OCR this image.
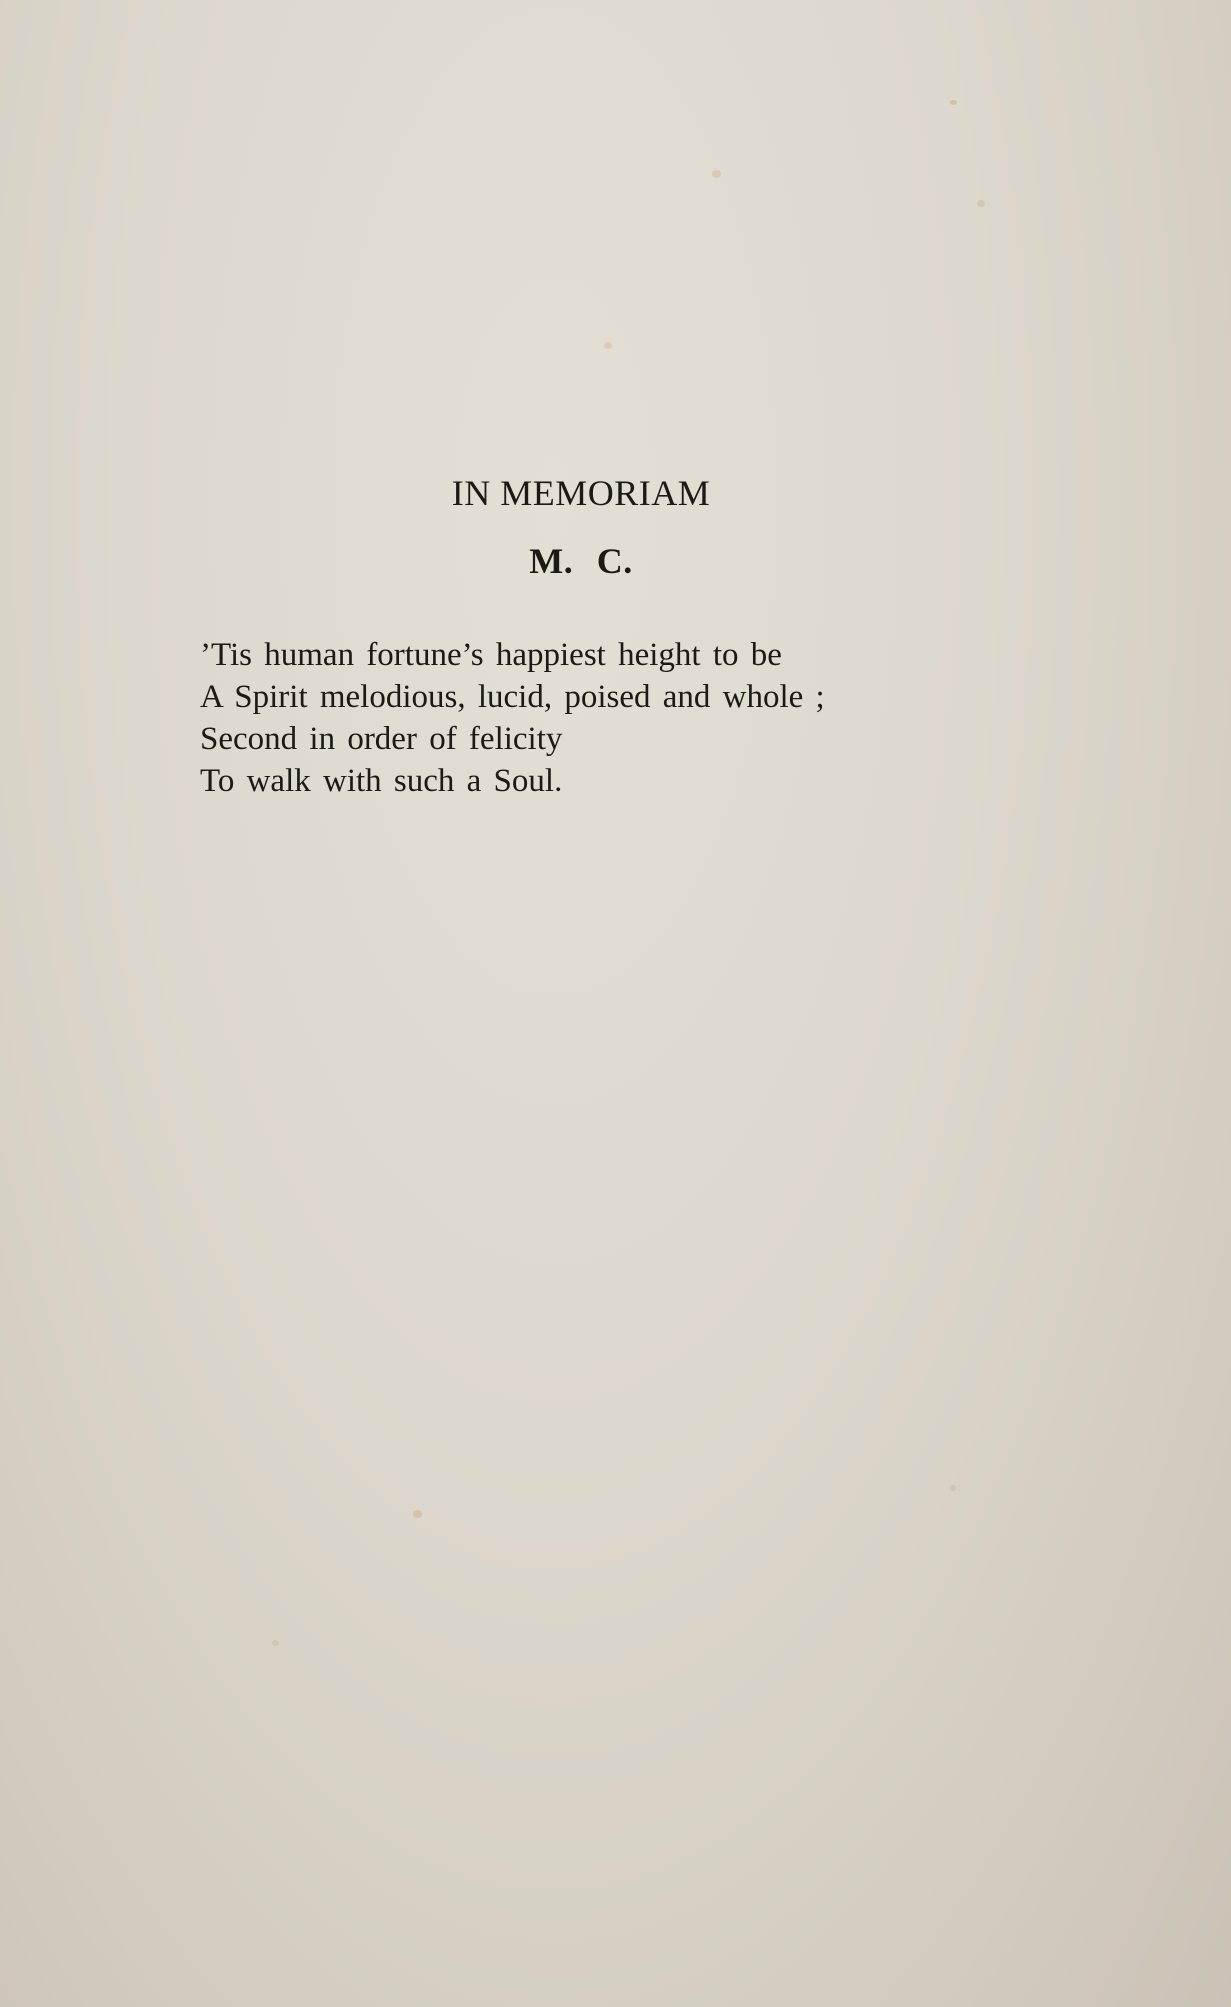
IN MEMORIAM
M. C.
’Tis human fortune’s happiest height to be
A Spirit melodious, lucid, poised and whole ;
Second in order of felicity
To walk with such a Soul.
